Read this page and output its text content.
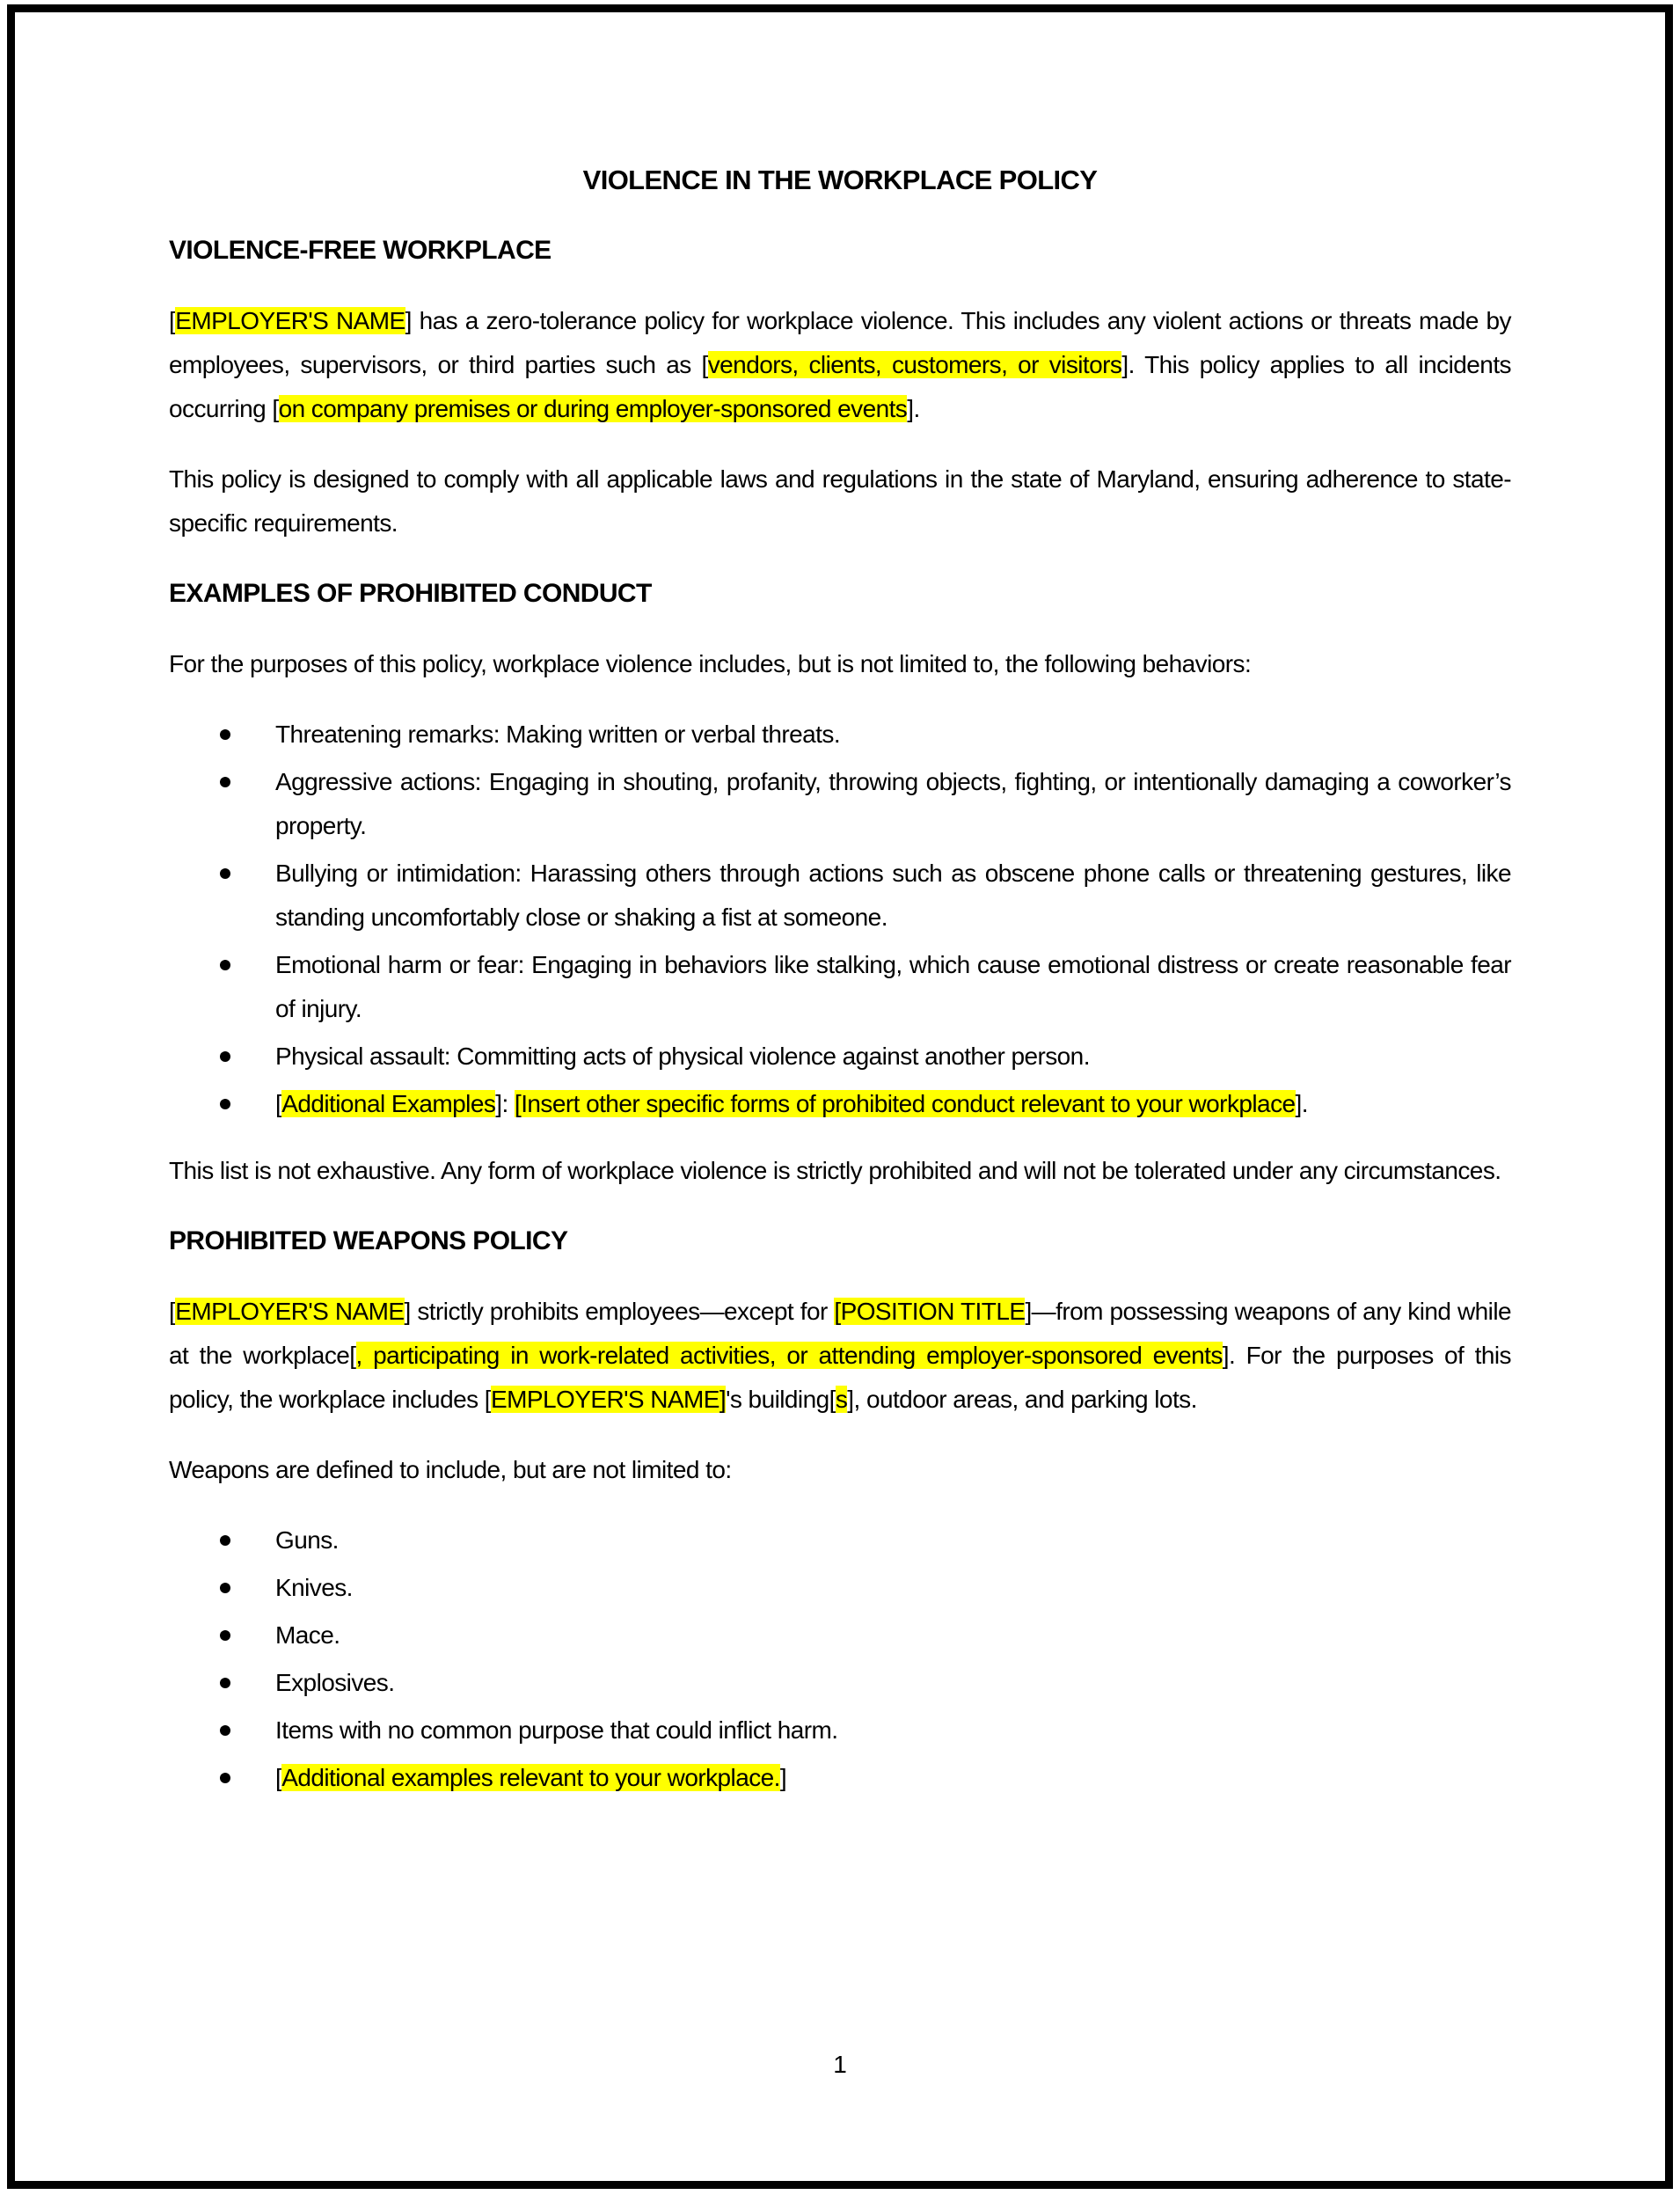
VIOLENCE IN THE WORKPLACE POLICY
VIOLENCE-FREE WORKPLACE
[EMPLOYER'S NAME] has a zero-tolerance policy for workplace violence. This includes any violent actions or threats made by employees, supervisors, or third parties such as [vendors, clients, customers, or visitors]. This policy applies to all incidents occurring [on company premises or during employer-sponsored events].
This policy is designed to comply with all applicable laws and regulations in the state of Maryland, ensuring adherence to state-specific requirements.
EXAMPLES OF PROHIBITED CONDUCT
For the purposes of this policy, workplace violence includes, but is not limited to, the following behaviors:
Threatening remarks: Making written or verbal threats.
Aggressive actions: Engaging in shouting, profanity, throwing objects, fighting, or intentionally damaging a coworker’s property.
Bullying or intimidation: Harassing others through actions such as obscene phone calls or threatening gestures, like standing uncomfortably close or shaking a fist at someone.
Emotional harm or fear: Engaging in behaviors like stalking, which cause emotional distress or create reasonable fear of injury.
Physical assault: Committing acts of physical violence against another person.
[Additional Examples]: [Insert other specific forms of prohibited conduct relevant to your workplace].
This list is not exhaustive. Any form of workplace violence is strictly prohibited and will not be tolerated under any circumstances.
PROHIBITED WEAPONS POLICY
[EMPLOYER'S NAME] strictly prohibits employees—except for [POSITION TITLE]—from possessing weapons of any kind while at the workplace[, participating in work-related activities, or attending employer-sponsored events]. For the purposes of this policy, the workplace includes [EMPLOYER'S NAME]'s building[s], outdoor areas, and parking lots.
Weapons are defined to include, but are not limited to:
Guns.
Knives.
Mace.
Explosives.
Items with no common purpose that could inflict harm.
[Additional examples relevant to your workplace.]
1
